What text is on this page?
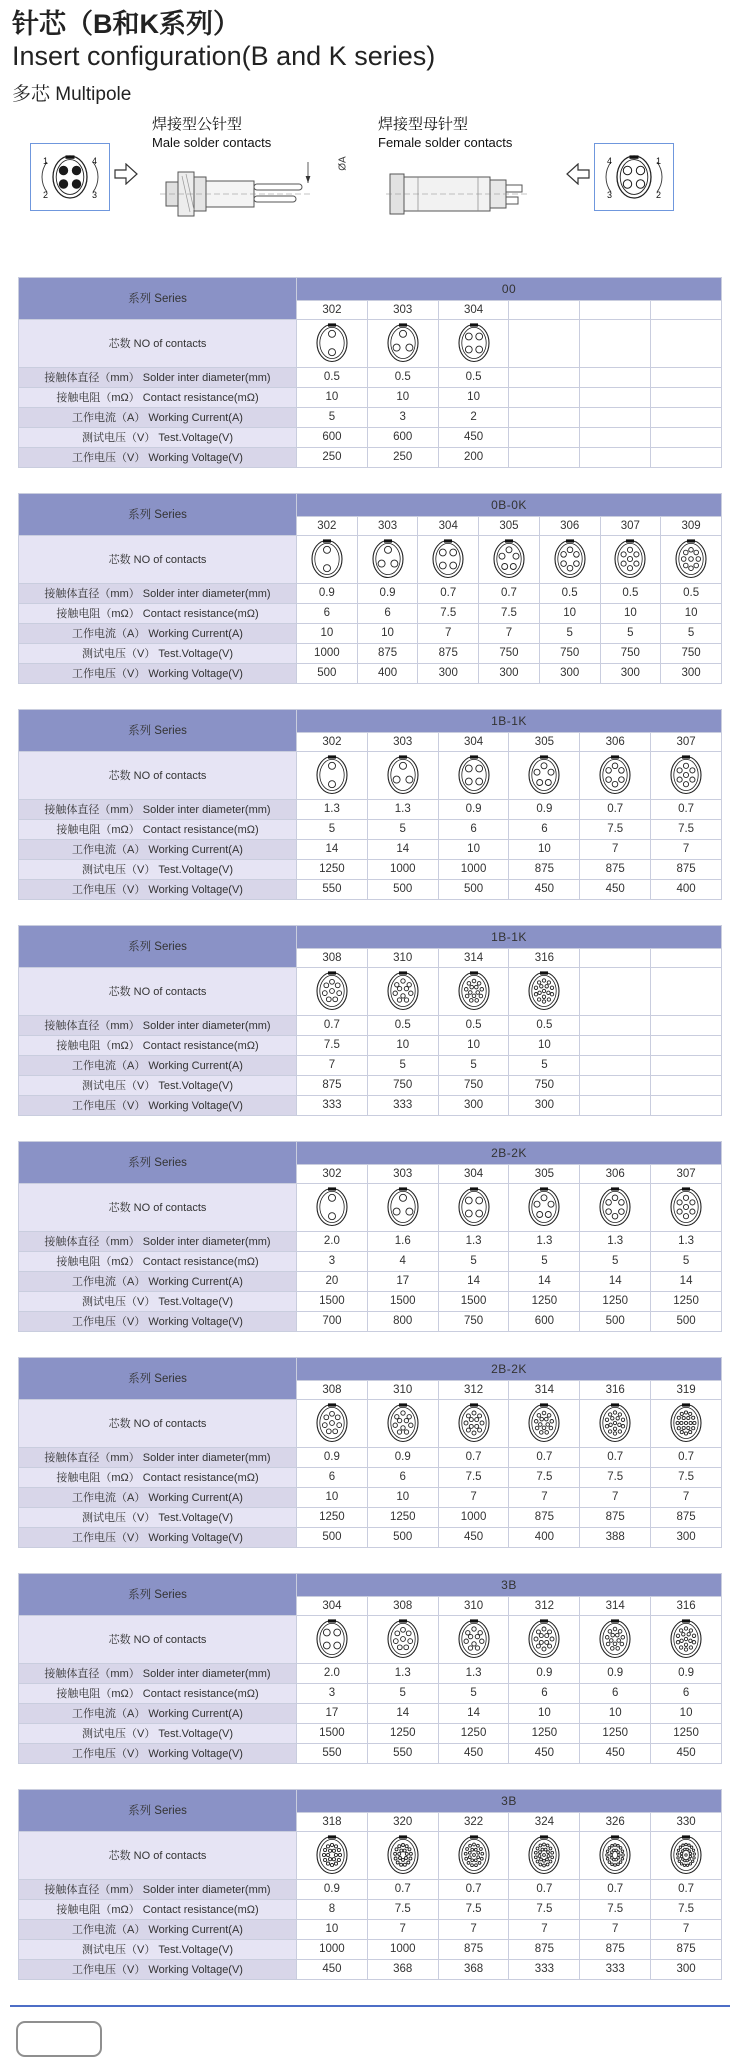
针芯（B和K系列）
Insert configuration(B and K series)
多芯 Multipole
1	4
2	3
焊接型公针型
Male solder contacts
ØA
焊接型母针型
Female solder contacts
4	1
3	2
系列 Series	00					
	302	303	304			
芯数 NO of contacts						
接触体直径（mm） Solder inter diameter(mm)	0.5	0.5	0.5			
接触电阻（mΩ） Contact resistance(mΩ)	10	10	10			
工作电流（A） Working Current(A)	5	3	2			
测试电压（V） Test.Voltage(V)	600	600	450			
工作电压（V） Working Voltage(V)	250	250	200			
系列 Series	0B-0K						
	302	303	304	305	306	307	309
芯数 NO of contacts							
接触体直径（mm） Solder inter diameter(mm)	0.9	0.9	0.7	0.7	0.5	0.5	0.5
接触电阻（mΩ） Contact resistance(mΩ)	6	6	7.5	7.5	10	10	10
工作电流（A） Working Current(A)	10	10	7	7	5	5	5
测试电压（V） Test.Voltage(V)	1000	875	875	750	750	750	750
工作电压（V） Working Voltage(V)	500	400	300	300	300	300	300
系列 Series	1B-1K					
	302	303	304	305	306	307
芯数 NO of contacts						
接触体直径（mm） Solder inter diameter(mm)	1.3	1.3	0.9	0.9	0.7	0.7
接触电阻（mΩ） Contact resistance(mΩ)	5	5	6	6	7.5	7.5
工作电流（A） Working Current(A)	14	14	10	10	7	7
测试电压（V） Test.Voltage(V)	1250	1000	1000	875	875	875
工作电压（V） Working Voltage(V)	550	500	500	450	450	400
系列 Series	1B-1K					
	308	310	314	316		
芯数 NO of contacts						
接触体直径（mm） Solder inter diameter(mm)	0.7	0.5	0.5	0.5		
接触电阻（mΩ） Contact resistance(mΩ)	7.5	10	10	10		
工作电流（A） Working Current(A)	7	5	5	5		
测试电压（V） Test.Voltage(V)	875	750	750	750		
工作电压（V） Working Voltage(V)	333	333	300	300		
系列 Series	2B-2K					
	302	303	304	305	306	307
芯数 NO of contacts						
接触体直径（mm） Solder inter diameter(mm)	2.0	1.6	1.3	1.3	1.3	1.3
接触电阻（mΩ） Contact resistance(mΩ)	3	4	5	5	5	5
工作电流（A） Working Current(A)	20	17	14	14	14	14
测试电压（V） Test.Voltage(V)	1500	1500	1500	1250	1250	1250
工作电压（V） Working Voltage(V)	700	800	750	600	500	500
系列 Series	2B-2K					
	308	310	312	314	316	319
芯数 NO of contacts						
接触体直径（mm） Solder inter diameter(mm)	0.9	0.9	0.7	0.7	0.7	0.7
接触电阻（mΩ） Contact resistance(mΩ)	6	6	7.5	7.5	7.5	7.5
工作电流（A） Working Current(A)	10	10	7	7	7	7
测试电压（V） Test.Voltage(V)	1250	1250	1000	875	875	875
工作电压（V） Working Voltage(V)	500	500	450	400	388	300
系列 Series	3B					
	304	308	310	312	314	316
芯数 NO of contacts						
接触体直径（mm） Solder inter diameter(mm)	2.0	1.3	1.3	0.9	0.9	0.9
接触电阻（mΩ） Contact resistance(mΩ)	3	5	5	6	6	6
工作电流（A） Working Current(A)	17	14	14	10	10	10
测试电压（V） Test.Voltage(V)	1500	1250	1250	1250	1250	1250
工作电压（V） Working Voltage(V)	550	550	450	450	450	450
系列 Series	3B					
	318	320	322	324	326	330
芯数 NO of contacts						
接触体直径（mm） Solder inter diameter(mm)	0.9	0.7	0.7	0.7	0.7	0.7
接触电阻（mΩ） Contact resistance(mΩ)	8	7.5	7.5	7.5	7.5	7.5
工作电流（A） Working Current(A)	10	7	7	7	7	7
测试电压（V） Test.Voltage(V)	1000	1000	875	875	875	875
工作电压（V） Working Voltage(V)	450	368	368	333	333	300
